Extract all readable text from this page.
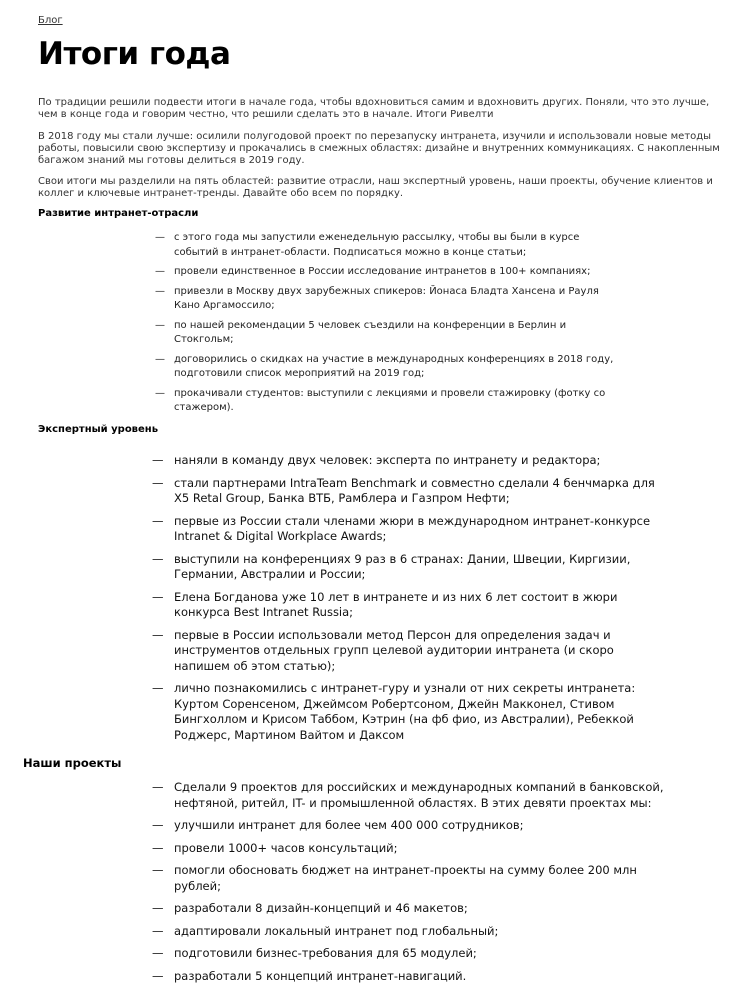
Блог
Итоги года

По традиции решили подвести итоги в начале года, чтобы вдохновиться самим и вдохновить других. Поняли, что это лучше, чем в конце года и говорим честно, что решили сделать это в начале. Итоги Ривелти

В 2018 году мы стали лучше: осилили полугодовой проект по перезапуску интранета, изучили и использовали новые методы работы, повысили свою экспертизу и прокачались в смежных областях: дизайне и внутренних коммуникациях. С накопленным багажом знаний мы готовы делиться в 2019 году.

Свои итоги мы разделили на пять областей: развитие отрасли, наш экспертный уровень, наши проекты, обучение клиентов и коллег и ключевые интранет-тренды. Давайте обо всем по порядку.

Развитие интранет-отрасли
— с этого года мы запустили еженедельную рассылку, чтобы вы были в курсе событий в интранет-области. Подписаться можно в конце статьи;
— провели единственное в России исследование интранетов в 100+ компаниях;
— привезли в Москву двух зарубежных спикеров: Йонаса Бладта Хансена и Рауля Кано Аргамоссило;
— по нашей рекомендации 5 человек съездили на конференции в Берлин и Стокгольм;
— договорились о скидках на участие в международных конференциях в 2018 году, подготовили список мероприятий на 2019 год;
— прокачивали студентов: выступили с лекциями и провели стажировку (фотку со стажером).
Экспертный уровень
— наняли в команду двух человек: эксперта по интранету и редактора;
— стали партнерами IntraTeam Benchmark и совместно сделали 4 бенчмарка для X5 Retal Group, Банка ВТБ, Рамблера и Газпром Нефти;
— первые из России стали членами жюри в международном интранет-конкурсе Intranet & Digital Workplace Awards;
— выступили на конференциях 9 раз в 6 странах: Дании, Швеции, Киргизии, Германии, Австралии и России;
— Елена Богданова уже 10 лет в интранете и из них 6 лет состоит в жюри конкурса Best Intranet Russia;
— первые в России использовали метод Персон для определения задач и инструментов отдельных групп целевой аудитории интранета (и скоро напишем об этом статью);
— лично познакомились с интранет-гуру и узнали от них секреты интранета: Куртом Соренсеном, Джеймсом Робертсоном, Джейн Макконел, Стивом Бингхоллом и Крисом Таббом, Кэтрин (на фб фио, из Австралии), Ребеккой Роджерс, Мартином Вайтом и Даксом
Наши проекты
— Сделали 9 проектов для российских и международных компаний в банковской, нефтяной, ритейл, IT- и промышленной областях. В этих девяти проектах мы:
— улучшили интранет для более чем 400 000 сотрудников;
— провели 1000+ часов консультаций;
— помогли обосновать бюджет на интранет-проекты на сумму более 200 млн рублей;
— разработали 8 дизайн-концепций и 46 макетов;
— адаптировали локальный интранет под глобальный;
— подготовили бизнес-требования для 65 модулей;
— разработали 5 концепций интранет-навигаций.
